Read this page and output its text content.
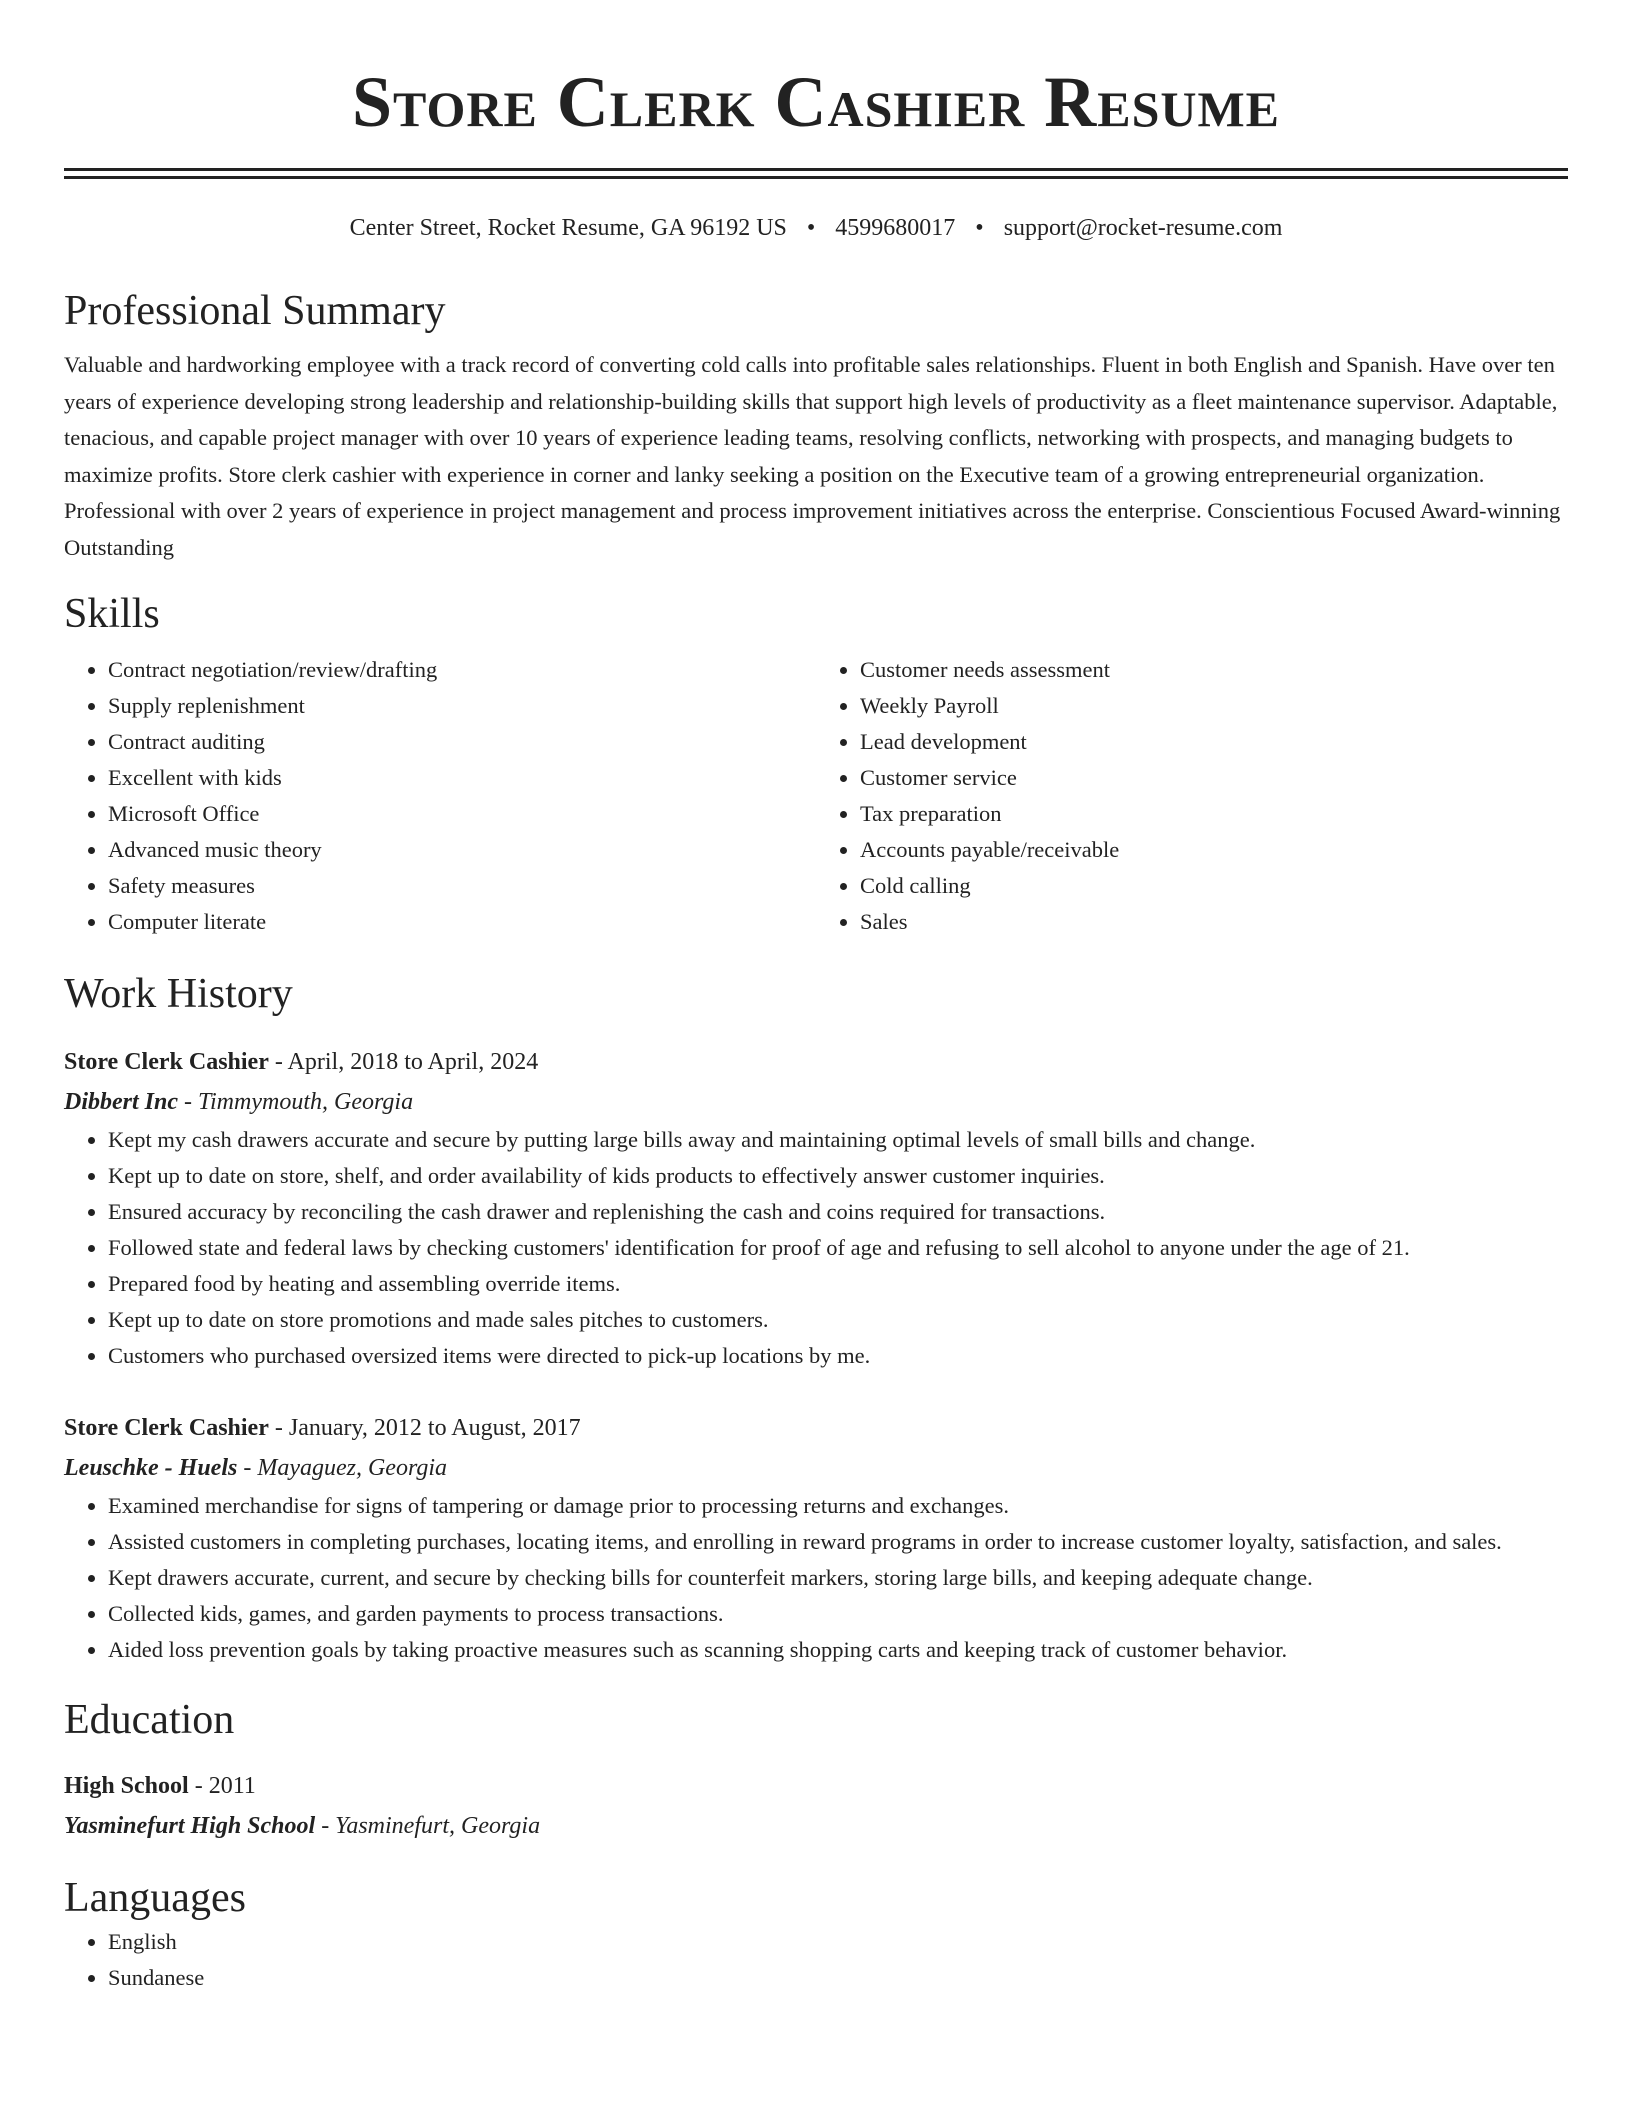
Store Clerk Cashier Resume
Center Street, Rocket Resume, GA 96192 US • 4599680017 • support@rocket-resume.com
Professional Summary

Valuable and hardworking employee with a track record of converting cold calls into profitable sales relationships. Fluent in both English and Spanish. Have over ten years of experience developing strong leadership and relationship-building skills that support high levels of productivity as a fleet maintenance supervisor. Adaptable, tenacious, and capable project manager with over 10 years of experience leading teams, resolving conflicts, networking with prospects, and managing budgets to maximize profits. Store clerk cashier with experience in corner and lanky seeking a position on the Executive team of a growing entrepreneurial organization. Professional with over 2 years of experience in project management and process improvement initiatives across the enterprise. Conscientious Focused Award-winning Outstanding

Skills
• Contract negotiation/review/drafting
• Supply replenishment
• Contract auditing
• Excellent with kids
• Microsoft Office
• Advanced music theory
• Safety measures
• Computer literate
• Customer needs assessment
• Weekly Payroll
• Lead development
• Customer service
• Tax preparation
• Accounts payable/receivable
• Cold calling
• Sales
Work History
Store Clerk Cashier - April, 2018 to April, 2024
Dibbert Inc - Timmymouth, Georgia
• Kept my cash drawers accurate and secure by putting large bills away and maintaining optimal levels of small bills and change.
• Kept up to date on store, shelf, and order availability of kids products to effectively answer customer inquiries.
• Ensured accuracy by reconciling the cash drawer and replenishing the cash and coins required for transactions.
• Followed state and federal laws by checking customers' identification for proof of age and refusing to sell alcohol to anyone under the age of 21.
• Prepared food by heating and assembling override items.
• Kept up to date on store promotions and made sales pitches to customers.
• Customers who purchased oversized items were directed to pick-up locations by me.
Store Clerk Cashier - January, 2012 to August, 2017
Leuschke - Huels - Mayaguez, Georgia
• Examined merchandise for signs of tampering or damage prior to processing returns and exchanges.
• Assisted customers in completing purchases, locating items, and enrolling in reward programs in order to increase customer loyalty, satisfaction, and sales.
• Kept drawers accurate, current, and secure by checking bills for counterfeit markers, storing large bills, and keeping adequate change.
• Collected kids, games, and garden payments to process transactions.
• Aided loss prevention goals by taking proactive measures such as scanning shopping carts and keeping track of customer behavior.
Education
High School - 2011
Yasminefurt High School - Yasminefurt, Georgia
Languages
• English
• Sundanese
